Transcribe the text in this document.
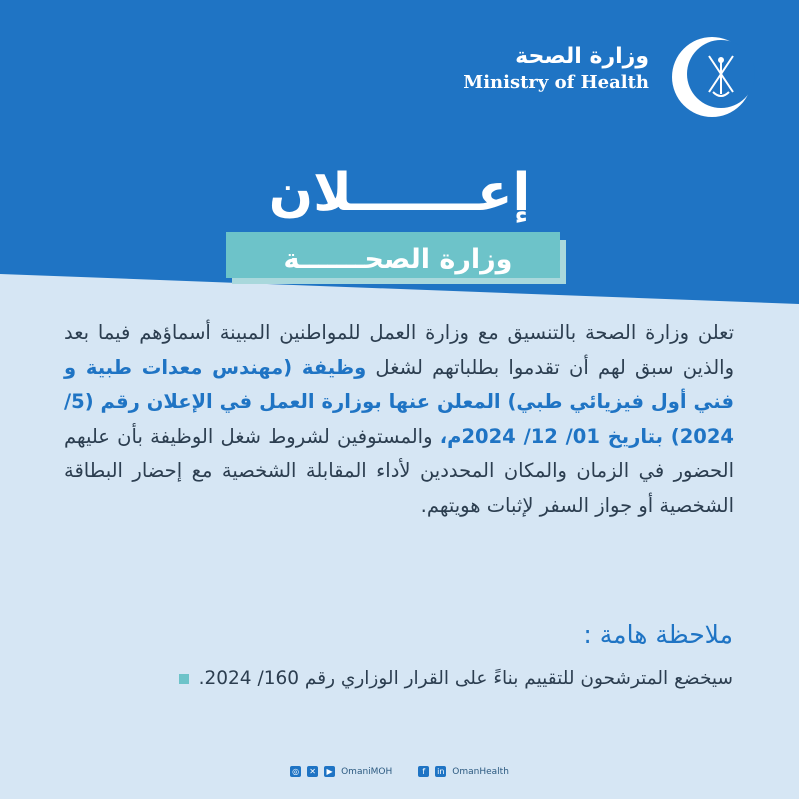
وزارة الصحة
Ministry of Health
إعـــــــلان
وزارة الصحـــــــة
تعلن وزارة الصحة بالتنسيق مع وزارة العمل للمواطنين المبينة أسماؤهم فيما بعد والذين سبق لهم أن تقدموا بطلباتهم لشغل وظيفة (مهندس معدات طبية و فني أول فيزيائي طبي) المعلن عنها بوزارة العمل في الإعلان رقم (5/ 2024) بتاريخ 01/ 12/ 2024م، والمستوفين لشروط شغل الوظيفة بأن عليهم الحضور في الزمان والمكان المحددين لأداء المقابلة الشخصية مع إحضار البطاقة الشخصية أو جواز السفر لإثبات هويتهم.
ملاحظة هامة :
سيخضع المترشحون للتقييم بناءً على القرار الوزاري رقم 160/ 2024.
◎ ✕	▶ OmaniMOH	f	in OmanHealth
